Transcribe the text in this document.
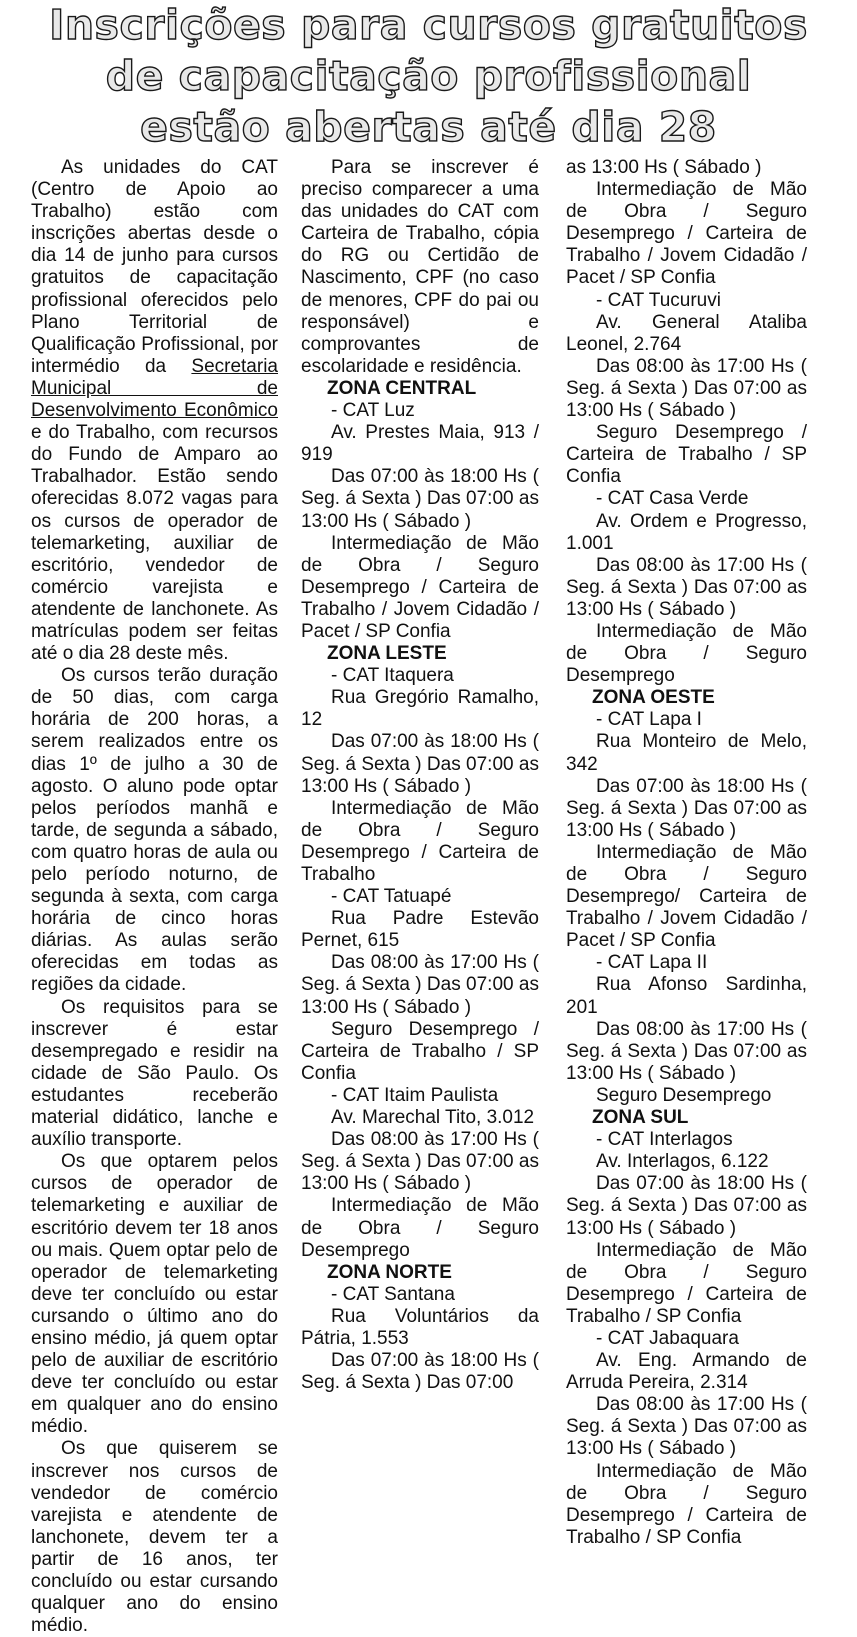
Inscrições para cursos gratuitos
de capacitação profissional
estão abertas até dia 28

As unidades do CAT (Centro de Apoio ao Trabalho) estão com inscrições abertas desde o dia 14 de junho para cursos gratuitos de capacitação profissional oferecidos pelo Plano Territorial de Qualificação Profissional, por intermédio da Secretaria Municipal de Desenvolvimento Econômico e do Trabalho, com recursos do Fundo de Amparo ao Trabalhador. Estão sendo oferecidas 8.072 vagas para os cursos de operador de telemarketing, auxiliar de escritório, vendedor de comércio varejista e atendente de lanchonete. As matrículas podem ser feitas até o dia 28 deste mês.

Os cursos terão duração de 50 dias, com carga horária de 200 horas, a serem realizados entre os dias 1º de julho a 30 de agosto. O aluno pode optar pelos períodos manhã e tarde, de segunda a sábado, com quatro horas de aula ou pelo período noturno, de segunda à sexta, com carga horária de cinco horas diárias. As aulas serão oferecidas em todas as regiões da cidade.

Os requisitos para se inscrever é estar desempregado e residir na cidade de São Paulo. Os estudantes receberão material didático, lanche e auxílio transporte.

Os que optarem pelos cursos de operador de telemarketing e auxiliar de escritório devem ter 18 anos ou mais. Quem optar pelo de operador de telemarketing deve ter concluído ou estar cursando o último ano do ensino médio, já quem optar pelo de auxiliar de escritório deve ter concluído ou estar em qualquer ano do ensino médio.

Os que quiserem se inscrever nos cursos de vendedor de comércio varejista e atendente de lanchonete, devem ter a partir de 16 anos, ter concluído ou estar cursando qualquer ano do ensino médio.

Para se inscrever é preciso comparecer a uma das unidades do CAT com Carteira de Trabalho, cópia do RG ou Certidão de Nascimento, CPF (no caso de menores, CPF do pai ou responsável) e comprovantes de escolaridade e residência.

ZONA CENTRAL

- CAT Luz

Av. Prestes Maia, 913 / 919

Das 07:00 às 18:00 Hs ( Seg. á Sexta ) Das 07:00 as 13:00 Hs ( Sábado )

Intermediação de Mão de Obra / Seguro Desemprego / Carteira de Trabalho / Jovem Cidadão / Pacet / SP Confia

ZONA LESTE

- CAT Itaquera

Rua Gregório Ramalho, 12

Das 07:00 às 18:00 Hs ( Seg. á Sexta ) Das 07:00 as 13:00 Hs ( Sábado )

Intermediação de Mão de Obra / Seguro Desemprego / Carteira de Trabalho

- CAT Tatuapé

Rua Padre Estevão Pernet, 615

Das 08:00 às 17:00 Hs ( Seg. á Sexta ) Das 07:00 as 13:00 Hs ( Sábado )

Seguro Desemprego / Carteira de Trabalho / SP Confia

- CAT Itaim Paulista

Av. Marechal Tito, 3.012

Das 08:00 às 17:00 Hs ( Seg. á Sexta ) Das 07:00 as 13:00 Hs ( Sábado )

Intermediação de Mão de Obra / Seguro Desemprego

ZONA NORTE

- CAT Santana

Rua Voluntários da Pátria, 1.553

Das 07:00 às 18:00 Hs ( Seg. á Sexta ) Das 07:00

as 13:00 Hs ( Sábado )

Intermediação de Mão de Obra / Seguro Desemprego / Carteira de Trabalho / Jovem Cidadão / Pacet / SP Confia

- CAT Tucuruvi

Av. General Ataliba Leonel, 2.764

Das 08:00 às 17:00 Hs ( Seg. á Sexta ) Das 07:00 as 13:00 Hs ( Sábado )

Seguro Desemprego / Carteira de Trabalho / SP Confia

- CAT Casa Verde

Av. Ordem e Progresso, 1.001

Das 08:00 às 17:00 Hs ( Seg. á Sexta ) Das 07:00 as 13:00 Hs ( Sábado )

Intermediação de Mão de Obra / Seguro Desemprego

ZONA OESTE

- CAT Lapa I

Rua Monteiro de Melo, 342

Das 07:00 às 18:00 Hs ( Seg. á Sexta ) Das 07:00 as 13:00 Hs ( Sábado )

Intermediação de Mão de Obra / Seguro Desemprego/ Carteira de Trabalho / Jovem Cidadão / Pacet / SP Confia

- CAT Lapa II

Rua Afonso Sardinha, 201

Das 08:00 às 17:00 Hs ( Seg. á Sexta ) Das 07:00 as 13:00 Hs ( Sábado )

Seguro Desemprego

ZONA SUL

- CAT Interlagos

Av. Interlagos, 6.122

Das 07:00 às 18:00 Hs ( Seg. á Sexta ) Das 07:00 as 13:00 Hs ( Sábado )

Intermediação de Mão de Obra / Seguro Desemprego / Carteira de Trabalho / SP Confia

- CAT Jabaquara

Av. Eng. Armando de Arruda Pereira, 2.314

Das 08:00 às 17:00 Hs ( Seg. á Sexta ) Das 07:00 as 13:00 Hs ( Sábado )

Intermediação de Mão de Obra / Seguro Desemprego / Carteira de Trabalho / SP Confia
